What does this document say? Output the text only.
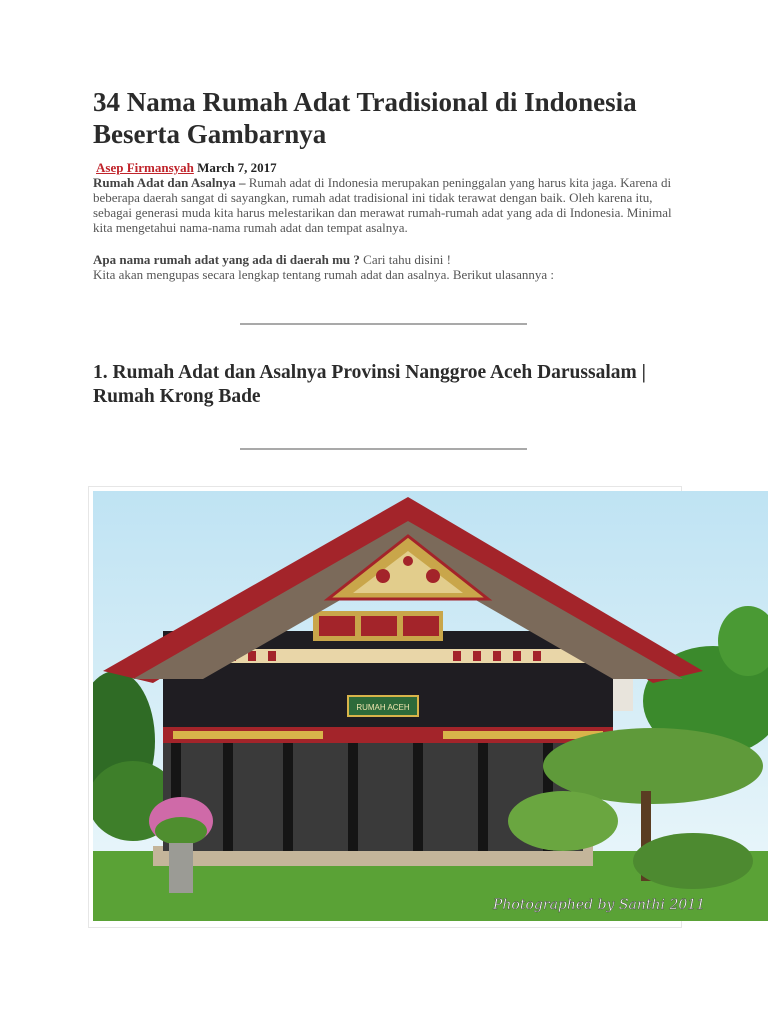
34 Nama Rumah Adat Tradisional di Indonesia Beserta Gambarnya
Asep Firmansyah March 7, 2017
Rumah Adat dan Asalnya – Rumah adat di Indonesia merupakan peninggalan yang harus kita jaga. Karena di beberapa daerah sangat di sayangkan, rumah adat tradisional ini tidak terawat dengan baik. Oleh karena itu, sebagai generasi muda kita harus melestarikan dan merawat rumah-rumah adat yang ada di Indonesia. Minimal kita mengetahui nama-nama rumah adat dan tempat asalnya.
Apa nama rumah adat yang ada di daerah mu ? Cari tahu disini !
Kita akan mengupas secara lengkap tentang rumah adat dan asalnya. Berikut ulasannya :
1. Rumah Adat dan Asalnya Provinsi Nanggroe Aceh Darussalam | Rumah Krong Bade
RUMAH ACEH
Photographed by Santhi 2011
